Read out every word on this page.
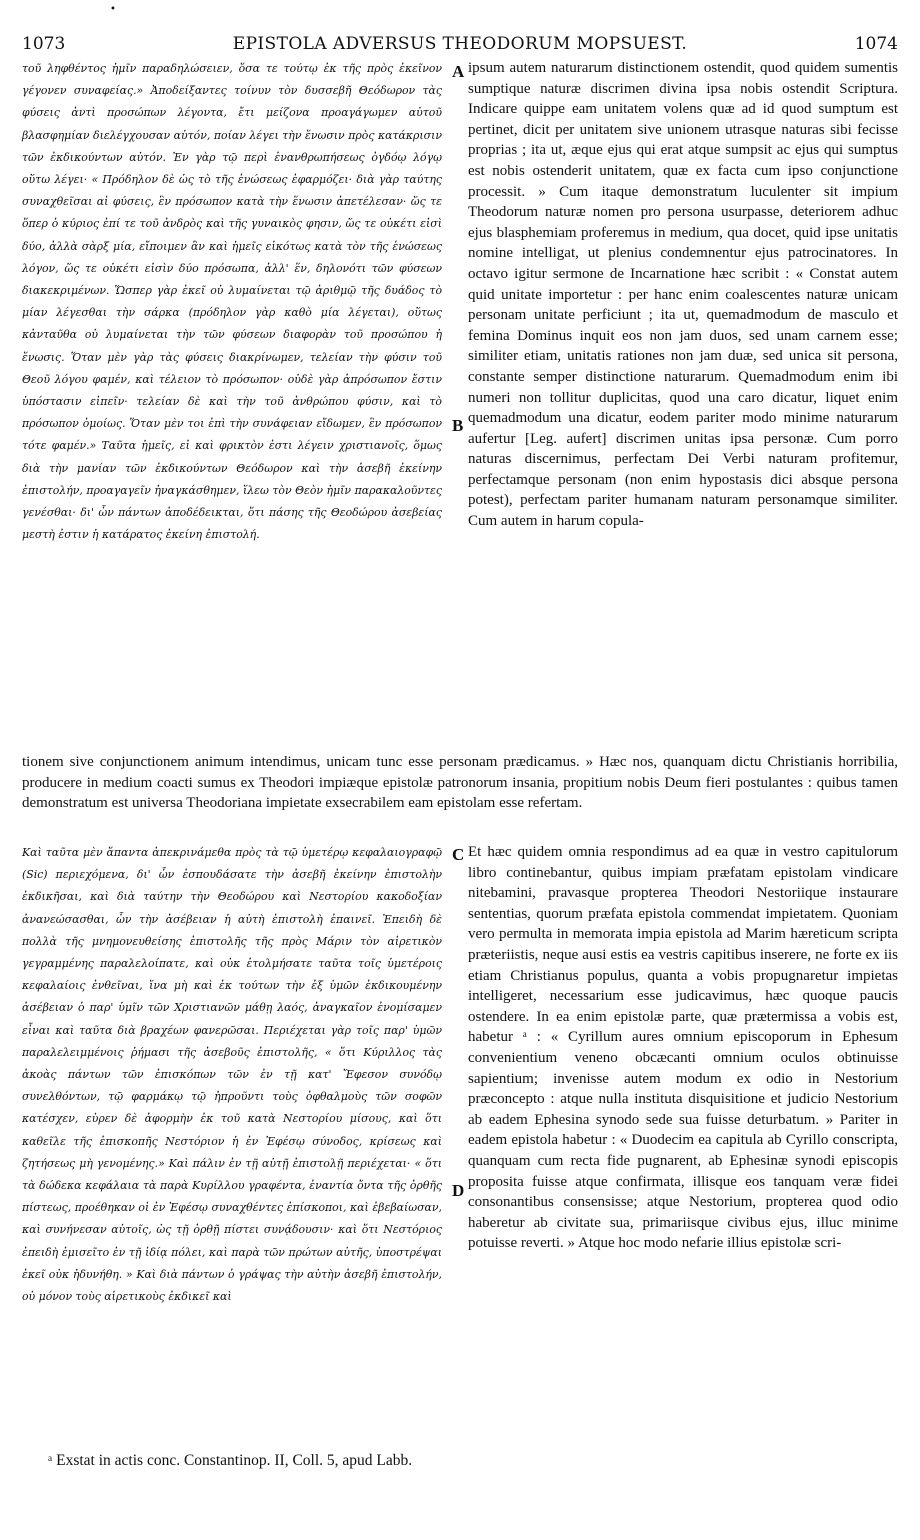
•
1073	EPISTOLA ADVERSUS THEODORUM MOPSUEST.	1074

τοῦ ληφθέντος ἡμῖν παραδηλώσειεν, ὅσα τε τούτῳ ἐκ τῆς πρὸς ἐκεῖνον γέγονεν συναφείας.» Ἀποδείξαντες τοίνυν τὸν δυσσεβῆ Θεόδωρον τὰς φύσεις ἀντὶ προσώπων λέγοντα, ἔτι μείζονα προαγάγωμεν αὐτοῦ βλασφημίαν διελέγχουσαν αὐτόν, ποίαν λέγει τὴν ἕνωσιν πρὸς κατάκρισιν τῶν ἐκδικούντων αὐτόν. Ἐν γὰρ τῷ περὶ ἐνανθρωπήσεως ὀγδόῳ λόγῳ οὕτω λέγει· « Πρόδηλον δὲ ὡς τὸ τῆς ἑνώσεως ἐφαρμόζει· διὰ γὰρ ταύτης συναχθεῖσαι αἱ φύσεις, ἓν πρόσωπον κατὰ τὴν ἕνωσιν ἀπετέλεσαν· ὥς τε ὅπερ ὁ κύριος ἐπί τε τοῦ ἀνδρὸς καὶ τῆς γυναικὸς φησιν, ὥς τε οὐκέτι εἰσὶ δύο, ἀλλὰ σὰρξ μία, εἴποιμεν ἂν καὶ ἡμεῖς εἰκότως κατὰ τὸν τῆς ἑνώσεως λόγον, ὥς τε οὐκέτι εἰσὶν δύο πρόσωπα, ἀλλ' ἕν, δηλονότι τῶν φύσεων διακεκριμένων. Ὥσπερ γὰρ ἐκεῖ οὐ λυμαίνεται τῷ ἀριθμῷ τῆς δυάδος τὸ μίαν λέγεσθαι τὴν σάρκα (πρόδηλον γὰρ καθὸ μία λέγεται), οὕτως κἀνταῦθα οὐ λυμαίνεται τὴν τῶν φύσεων διαφορὰν τοῦ προσώπου ἡ ἕνωσις. Ὅταν μὲν γὰρ τὰς φύσεις διακρίνωμεν, τελείαν τὴν φύσιν τοῦ Θεοῦ λόγου φαμέν, καὶ τέλειον τὸ πρόσωπον· οὐδὲ γὰρ ἀπρόσωπον ἔστιν ὑπόστασιν εἰπεῖν· τελείαν δὲ καὶ τὴν τοῦ ἀνθρώπου φύσιν, καὶ τὸ πρόσωπον ὁμοίως. Ὅταν μὲν τοι ἐπὶ τὴν συνάφειαν εἴδωμεν, ἓν πρόσωπον τότε φαμέν.» Ταῦτα ἡμεῖς, εἰ καὶ φρικτὸν ἐστι λέγειν χριστιανοῖς, ὅμως διὰ τὴν μανίαν τῶν ἐκδικούντων Θεόδωρον καὶ τὴν ἀσεβῆ ἐκείνην ἐπιστολήν, προαγαγεῖν ἠναγκάσθημεν, ἵλεω τὸν Θεὸν ἡμῖν παρακαλοῦντες γενέσθαι· δι' ὧν πάντων ἀποδέδεικται, ὅτι πάσης τῆς Θεοδώρου ἀσεβείας μεστὴ ἐστιν ἡ κατάρατος ἐκείνη ἐπιστολή.

A
B

ipsum autem naturarum distinctionem ostendit, quod quidem sumentis sumptique naturæ discrimen divina ipsa nobis ostendit Scriptura. Indicare quippe eam unitatem volens quæ ad id quod sumptum est pertinet, dicit per unitatem sive unionem utrasque naturas sibi fecisse proprias ; ita ut, æque ejus qui erat atque sumpsit ac ejus qui sumptus est nobis ostenderit unitatem, quæ ex facta cum ipso conjunctione processit. » Cum itaque demonstratum luculenter sit impium Theodorum naturæ nomen pro persona usurpasse, deteriorem adhuc ejus blasphemiam proferemus in medium, qua docet, quid ipse unitatis nomine intelligat, ut plenius condemnentur ejus patrocinatores. In octavo igitur sermone de Incarnatione hæc scribit : « Constat autem quid unitate importetur : per hanc enim coalescentes naturæ unicam personam unitate perficiunt ; ita ut, quemadmodum de masculo et femina Dominus inquit eos non jam duos, sed unam carnem esse; similiter etiam, unitatis rationes non jam duæ, sed unica sit persona, constante semper distinctione naturarum. Quemadmodum enim ibi numeri non tollitur duplicitas, quod una caro dicatur, liquet enim quemadmodum una dicatur, eodem pariter modo minime naturarum aufertur [Leg. aufert] discrimen unitas ipsa personæ. Cum porro naturas discernimus, perfectam Dei Verbi naturam profitemur, perfectamque personam (non enim hypostasis dici absque persona potest), perfectam pariter humanam naturam personamque similiter. Cum autem in harum copula-

tionem sive conjunctionem animum intendimus, unicam tunc esse personam prædicamus. » Hæc nos, quanquam dictu Christianis horribilia, producere in medium coacti sumus ex Theodori impiæque epistolæ patronorum insania, propitium nobis Deum fieri postulantes : quibus tamen demonstratum est universa Theodoriana impietate exsecrabilem eam epistolam esse refertam.

Καὶ ταῦτα μὲν ἅπαντα ἀπεκρινάμεθα πρὸς τὰ τῷ ὑμετέρῳ κεφαλαιογραφῷ (Sic) περιεχόμενα, δι' ὧν ἐσπουδάσατε τὴν ἀσεβῆ ἐκείνην ἐπιστολὴν ἐκδικῆσαι, καὶ διὰ ταύτην τὴν Θεοδώρου καὶ Νεστορίου κακοδοξίαν ἀνανεώσασθαι, ὧν τὴν ἀσέβειαν ἡ αὐτὴ ἐπιστολὴ ἐπαινεῖ. Ἐπειδὴ δὲ πολλὰ τῆς μνημονευθείσης ἐπιστολῆς τῆς πρὸς Μάριν τὸν αἱρετικὸν γεγραμμένης παραλελοίπατε, καὶ οὐκ ἐτολμήσατε ταῦτα τοῖς ὑμετέροις κεφαλαίοις ἐνθεῖναι, ἵνα μὴ καὶ ἐκ τούτων τὴν ἐξ ὑμῶν ἐκδικουμένην ἀσέβειαν ὁ παρ' ὑμῖν τῶν Χριστιανῶν μάθῃ λαός, ἀναγκαῖον ἐνομίσαμεν εἶναι καὶ ταῦτα διὰ βραχέων φανερῶσαι. Περιέχεται γὰρ τοῖς παρ' ὑμῶν παραλελειμμένοις ῥήμασι τῆς ἀσεβοῦς ἐπιστολῆς, « ὅτι Κύριλλος τὰς ἀκοὰς πάντων τῶν ἐπισκόπων τῶν ἐν τῇ κατ' Ἔφεσον συνόδῳ συνελθόντων, τῷ φαρμάκῳ τῷ ἠπροῦντι τοὺς ὀφθαλμοὺς τῶν σοφῶν κατέσχεν, εὑρεν δὲ ἀφορμὴν ἐκ τοῦ κατὰ Νεστορίου μίσους, καὶ ὅτι καθεῖλε τῆς ἐπισκοπῆς Νεστόριον ἡ ἐν Ἐφέσῳ σύνοδος, κρίσεως καὶ ζητήσεως μὴ γενομένης.» Καὶ πάλιν ἐν τῇ αὐτῇ ἐπιστολῇ περιέχεται· « ὅτι τὰ δώδεκα κεφάλαια τὰ παρὰ Κυρίλλου γραφέντα, ἐναντία ὄντα τῆς ὀρθῆς πίστεως, προέθηκαν οἱ ἐν Ἐφέσῳ συναχθέντες ἐπίσκοποι, καὶ ἐβεβαίωσαν, καὶ συνήνεσαν αὐτοῖς, ὡς τῇ ὀρθῇ πίστει συνᾴδουσιν· καὶ ὅτι Νεστόριος ἐπειδὴ ἐμισεῖτο ἐν τῇ ἰδίᾳ πόλει, καὶ παρὰ τῶν πρώτων αὐτῆς, ὑποστρέψαι ἐκεῖ οὐκ ἠδυνήθη. » Καὶ διὰ πάντων ὁ γράψας τὴν αὐτὴν ἀσεβῆ ἐπιστολήν, οὐ μόνον τοὺς αἱρετικοὺς ἐκδικεῖ καὶ

C
D

Et hæc quidem omnia respondimus ad ea quæ in vestro capitulorum libro continebantur, quibus impiam præfatam epistolam vindicare nitebamini, pravasque propterea Theodori Nestoriique instaurare sententias, quorum præfata epistola commendat impietatem. Quoniam vero permulta in memorata impia epistola ad Marim hæreticum scripta præteriistis, neque ausi estis ea vestris capitibus inserere, ne forte ex iis etiam Christianus populus, quanta a vobis propugnaretur impietas intelligeret, necessarium esse judicavimus, hæc quoque paucis ostendere. In ea enim epistolæ parte, quæ prætermissa a vobis est, habetur ᵃ : « Cyrillum aures omnium episcoporum in Ephesum convenientium veneno obcæcanti omnium oculos obtinuisse sapientium; invenisse autem modum ex odio in Nestorium præconcepto : atque nulla instituta disquisitione et judicio Nestorium ab eadem Ephesina synodo sede sua fuisse deturbatum. » Pariter in eadem epistola habetur : « Duodecim ea capitula ab Cyrillo conscripta, quanquam cum recta fide pugnarent, ab Ephesinæ synodi episcopis proposita fuisse atque confirmata, illisque eos tanquam veræ fidei consonantibus consensisse; atque Nestorium, propterea quod odio haberetur ab civitate sua, primariisque civibus ejus, illuc minime potuisse reverti. » Atque hoc modo nefarie illius epistolæ scri-

ᵃ Exstat in actis conc. Constantinop. II, Coll. 5, apud Labb.
